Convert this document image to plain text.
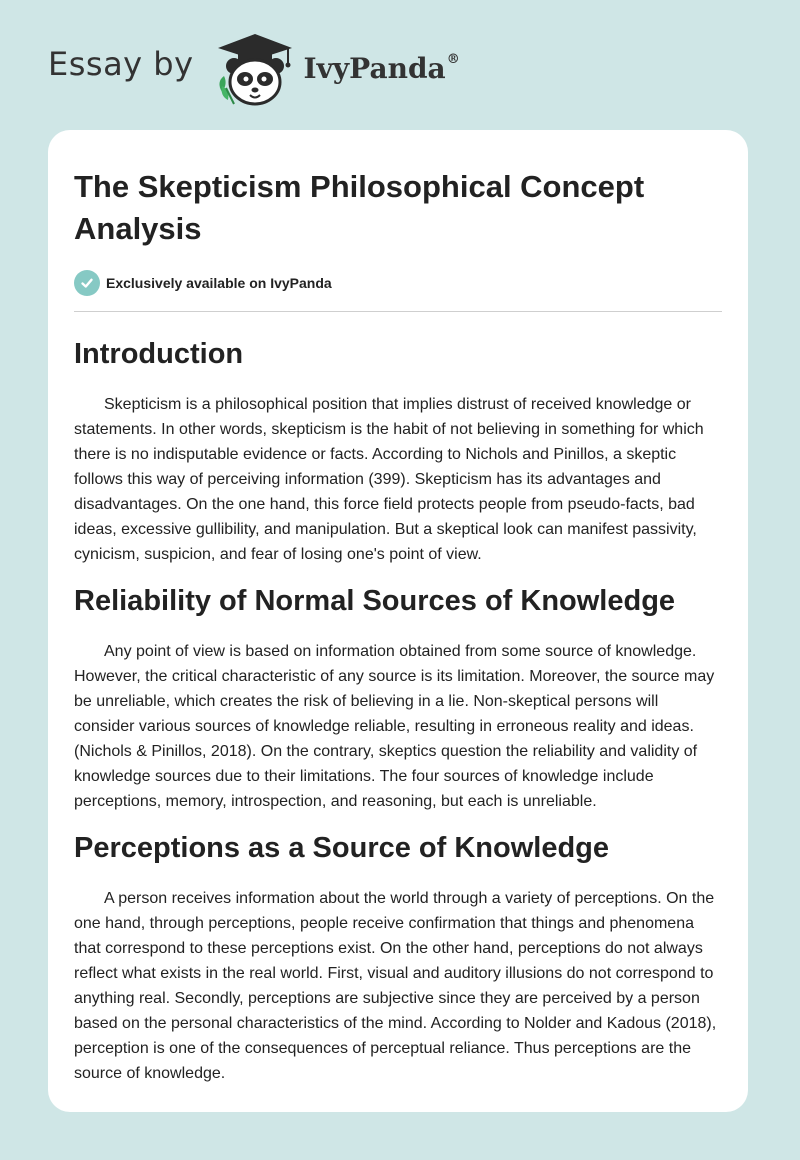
Essay by	IvyPanda®
The Skepticism Philosophical Concept Analysis
Exclusively available on IvyPanda
Introduction

Skepticism is a philosophical position that implies distrust of received knowledge or statements. In other words, skepticism is the habit of not believing in something for which there is no indisputable evidence or facts. According to Nichols and Pinillos, a skeptic follows this way of perceiving information (399). Skepticism has its advantages and disadvantages. On the one hand, this force field protects people from pseudo-facts, bad ideas, excessive gullibility, and manipulation. But a skeptical look can manifest passivity, cynicism, suspicion, and fear of losing one's point of view.

Reliability of Normal Sources of Knowledge

Any point of view is based on information obtained from some source of knowledge. However, the critical characteristic of any source is its limitation. Moreover, the source may be unreliable, which creates the risk of believing in a lie. Non-skeptical persons will consider various sources of knowledge reliable, resulting in erroneous reality and ideas. (Nichols & Pinillos, 2018). On the contrary, skeptics question the reliability and validity of knowledge sources due to their limitations. The four sources of knowledge include perceptions, memory, introspection, and reasoning, but each is unreliable.

Perceptions as a Source of Knowledge

A person receives information about the world through a variety of perceptions. On the one hand, through perceptions, people receive confirmation that things and phenomena that correspond to these perceptions exist. On the other hand, perceptions do not always reflect what exists in the real world. First, visual and auditory illusions do not correspond to anything real. Secondly, perceptions are subjective since they are perceived by a person based on the personal characteristics of the mind. According to Nolder and Kadous (2018), perception is one of the consequences of perceptual reliance. Thus perceptions are the source of knowledge.
